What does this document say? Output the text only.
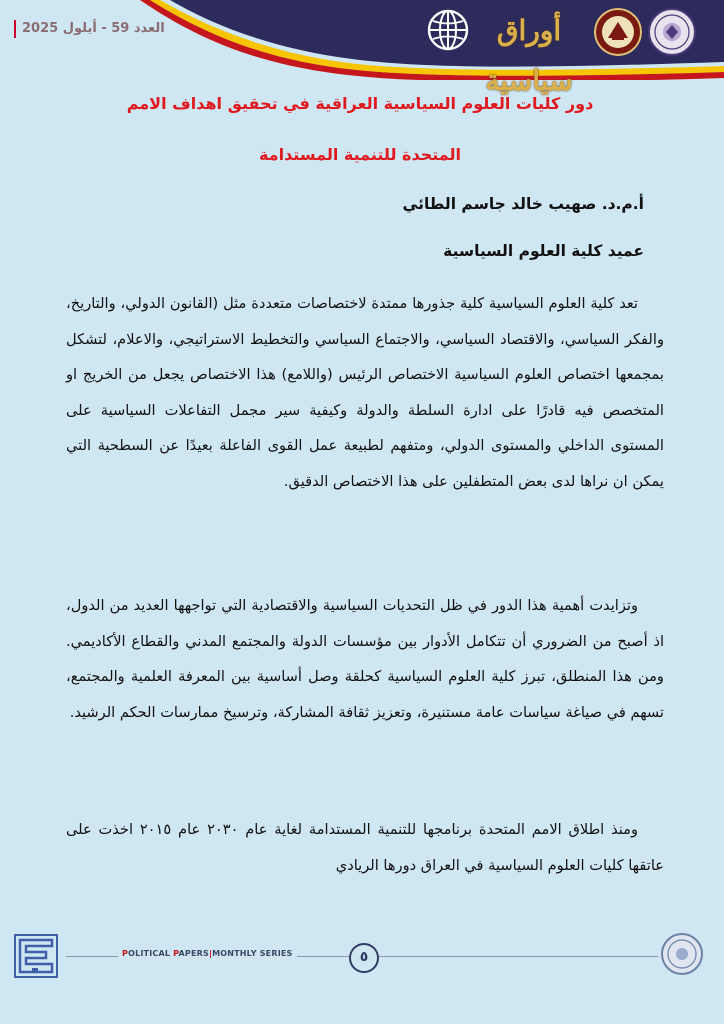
العدد 59 - أيلول 2025	أوراق سياسية
دور كليات العلوم السياسية العراقية في تحقيق اهداف الامم
المتحدة للتنمية المستدامة
أ.م.د. صهيب خالد جاسم الطائي
عميد كلية العلوم السياسية

تعد كلية العلوم السياسية كلية جذورها ممتدة لاختصاصات متعددة مثل (القانون الدولي، والتاريخ، والفكر السياسي، والاقتصاد السياسي، والاجتماع السياسي والتخطيط الاستراتيجي، والاعلام، لتشكل بمجمعها اختصاص العلوم السياسية الاختصاص الرئيس (واللامع) هذا الاختصاص يجعل من الخريج او المتخصص فيه قادرًا على ادارة السلطة والدولة وكيفية سير مجمل التفاعلات السياسية على المستوى الداخلي والمستوى الدولي، ومتفهم لطبيعة عمل القوى الفاعلة بعيدًا عن السطحية التي يمكن ان نراها لدى بعض المتطفلين على هذا الاختصاص الدقيق.

وتزايدت أهمية هذا الدور في ظل التحديات السياسية والاقتصادية التي تواجهها العديد من الدول، اذ أصبح من الضروري أن تتكامل الأدوار بين مؤسسات الدولة والمجتمع المدني والقطاع الأكاديمي. ومن هذا المنطلق، تبرز كلية العلوم السياسية كحلقة وصل أساسية بين المعرفة العلمية والمجتمع، تسهم في صياغة سياسات عامة مستنيرة، وتعزيز ثقافة المشاركة، وترسيخ ممارسات الحكم الرشيد.

ومنذ اطلاق الامم المتحدة برنامجها للتنمية المستدامة لغاية عام ٢٠٣٠ عام ٢٠١٥ اخذت على عاتقها كليات العلوم السياسية في العراق دورها الريادي

POLITICAL PAPERS|MONTHLY SERIES	٥
